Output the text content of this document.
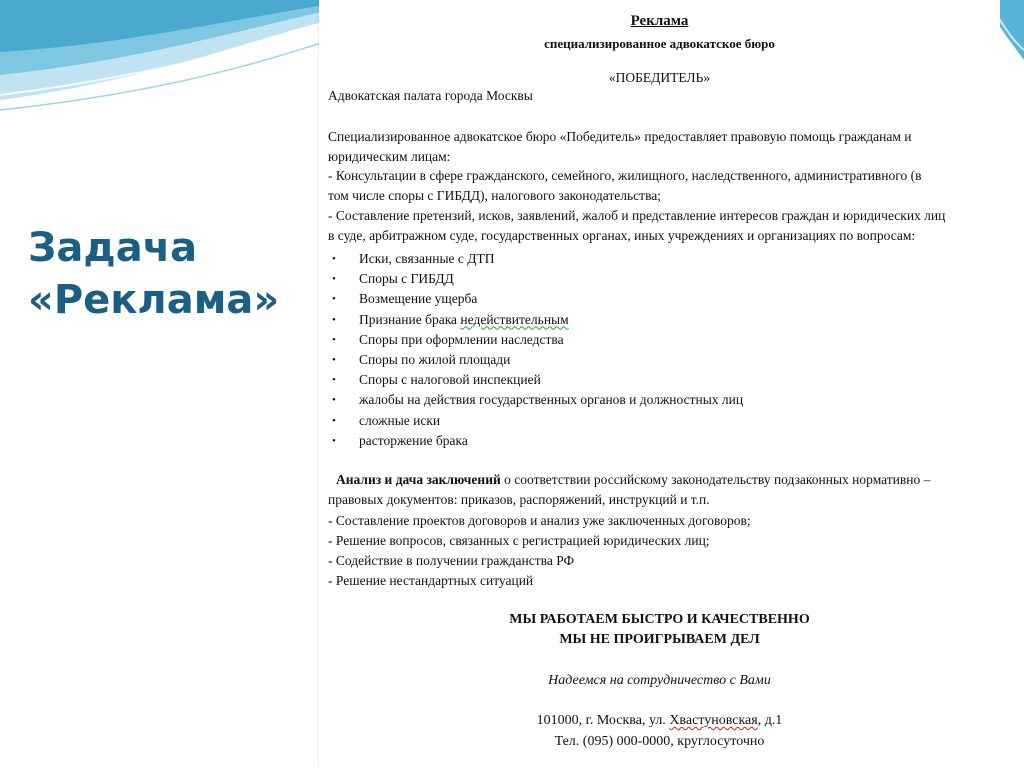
Задача
«Реклама»
Реклама
специализированное адвокатское бюро
«ПОБЕДИТЕЛЬ»
Адвокатская палата города Москвы
Специализированное адвокатское бюро «Победитель» предоставляет правовую помощь гражданам и
юридическим лицам:
- Консультации в сфере гражданского, семейного, жилищного, наследственного, административного (в
том числе споры с ГИБДД), налогового законодательства;
- Составление претензий, исков, заявлений, жалоб и представление интересов граждан и юридических лиц
в суде, арбитражном суде, государственных органах, иных учреждениях и организациях по вопросам:
• Иски, связанные с ДТП
• Споры с ГИБДД
• Возмещение ущерба
• Признание брака недействительным
• Споры при оформлении наследства
• Споры по жилой площади
• Споры с налоговой инспекцией
• жалобы на действия государственных органов и должностных лиц
• сложные иски
• расторжение брака
Анализ и дача заключений о соответствии российскому законодательству подзаконных нормативно –
правовых документов: приказов, распоряжений, инструкций и т.п.
- Составление проектов договоров и анализ уже заключенных договоров;
- Решение вопросов, связанных с регистрацией юридических лиц;
- Содействие в получении гражданства РФ
- Решение нестандартных ситуаций
МЫ РАБОТАЕМ БЫСТРО И КАЧЕСТВЕННО
МЫ НЕ ПРОИГРЫВАЕМ ДЕЛ
Надеемся на сотрудничество с Вами
101000, г. Москва, ул. Хвастуновская, д.1
Тел. (095) 000-0000, круглосуточно
